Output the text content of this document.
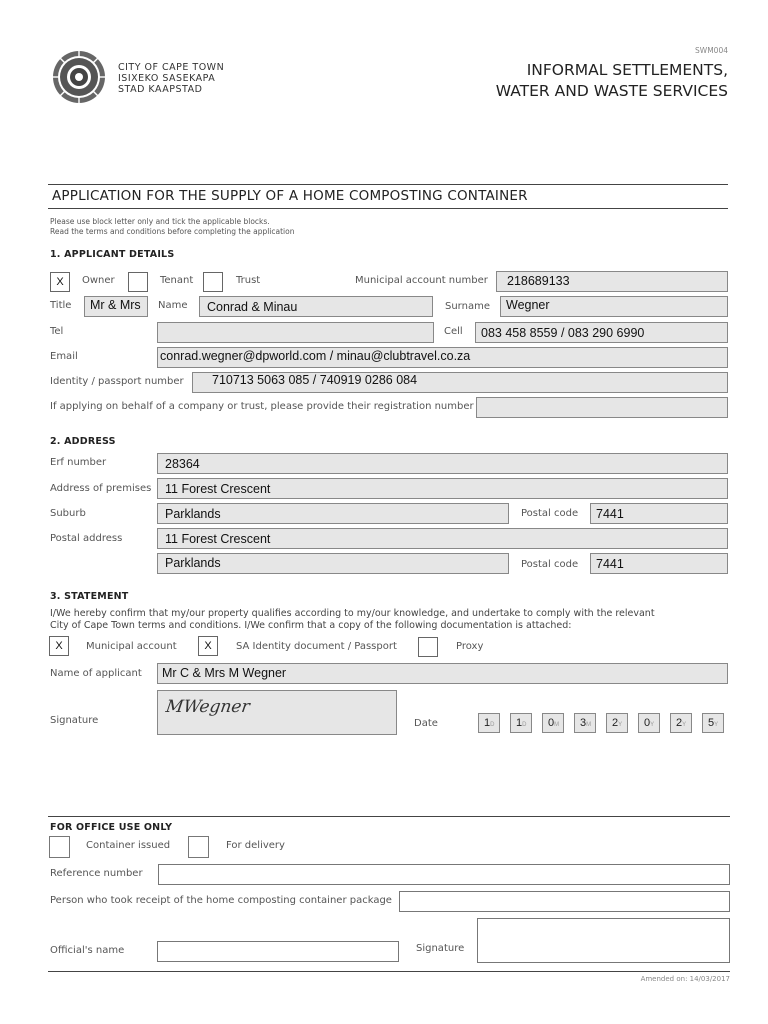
CITY OF CAPE TOWN
ISIXEKO SASEKAPA
STAD KAAPSTAD
SWM004
INFORMAL SETTLEMENTS,
WATER AND WASTE SERVICES
APPLICATION FOR THE SUPPLY OF A HOME COMPOSTING CONTAINER
Please use block letter only and tick the applicable blocks.
Read the terms and conditions before completing the application
1. APPLICANT DETAILS
X	Owner	Tenant	Trust	Municipal account number 218689133
Title Mr & Mrs Name Conrad & Minau	Surname Wegner
Tel	Cell 083 458 8559 / 083 290 6990
Email	conrad.wegner@dpworld.com / minau@clubtravel.co.za
Identity / passport number 710713 5063 085 / 740919 0286 084
If applying on behalf of a company or trust, please provide their registration number
2. ADDRESS
Erf number	28364
Address of premises 11 Forest Crescent
Suburb	Parklands	Postal code 7441
Postal address	11 Forest Crescent
Parklands	Postal code 7441
3. STATEMENT
I/We hereby confirm that my/our property qualifies according to my/our knowledge, and undertake to comply with the relevant
City of Cape Town terms and conditions. I/We confirm that a copy of the following documentation is attached:
X	Municipal account	X	SA Identity document / Passport	Proxy
Name of applicant Mr C & Mrs M Wegner
Signature
MWegner
Date	1D	1D	0M	3M	2Y	0Y	2Y	5Y
FOR OFFICE USE ONLY
Container issued	For delivery
Reference number
Person who took receipt of the home composting container package
Official's name	Signature
Amended on: 14/03/2017
